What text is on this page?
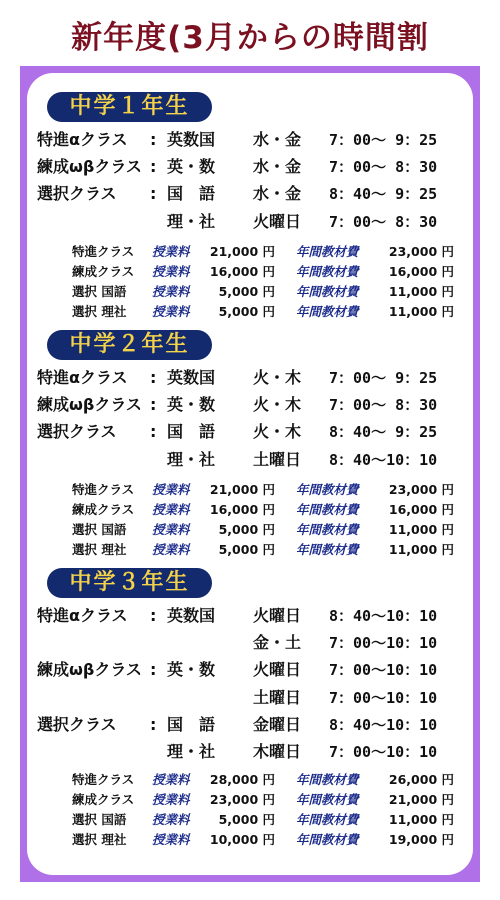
新年度(3月からの時間割
中学１年生
特進αクラス : 英数国 水・金 7：00～ 9：25
練成ωβクラス : 英・数 水・金 7：00～ 8：30
選択クラス : 国　語 水・金 8：40～ 9：25
理・社 火曜日 7：00～ 8：30
特進クラス 授業料	21,000 円 年間教材費	23,000 円
練成クラス 授業料	16,000 円 年間教材費	16,000 円
選択 国語 授業料	5,000 円 年間教材費	11,000 円
選択 理社 授業料	5,000 円 年間教材費	11,000 円
中学２年生
特進αクラス : 英数国 火・木 7：00～ 9：25
練成ωβクラス : 英・数 火・木 7：00～ 8：30
選択クラス : 国　語 火・木 8：40～ 9：25
理・社 土曜日 8：40～10：10
特進クラス 授業料	21,000 円 年間教材費	23,000 円
練成クラス 授業料	16,000 円 年間教材費	16,000 円
選択 国語 授業料	5,000 円 年間教材費	11,000 円
選択 理社 授業料	5,000 円 年間教材費	11,000 円
中学３年生
特進αクラス : 英数国 火曜日 8：40～10：10
金・土 7：00～10：10
練成ωβクラス : 英・数 火曜日 7：00～10：10
土曜日 7：00～10：10
選択クラス : 国　語 金曜日 8：40～10：10
理・社 木曜日 7：00～10：10
特進クラス 授業料	28,000 円 年間教材費	26,000 円
練成クラス 授業料	23,000 円 年間教材費	21,000 円
選択 国語 授業料	5,000 円 年間教材費	11,000 円
選択 理社 授業料	10,000 円 年間教材費	19,000 円
